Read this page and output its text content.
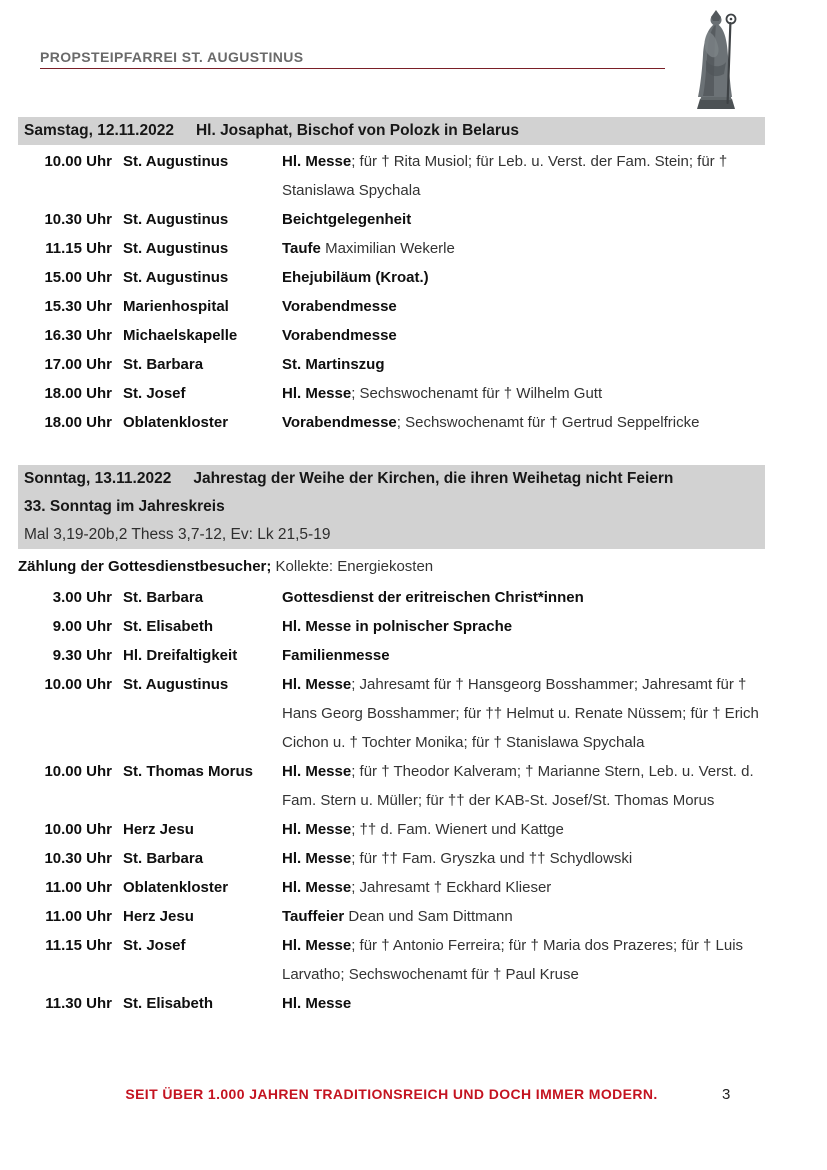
PROPSTEIPFARREI ST. AUGUSTINUS
Samstag, 12.11.2022 Hl. Josaphat, Bischof von Polozk in Belarus
10.00 Uhr St. Augustinus	Hl. Messe; für † Rita Musiol; für Leb. u. Verst. der Fam. Stein; für † Stanislawa Spychala
10.30 Uhr St. Augustinus	Beichtgelegenheit
11.15 Uhr St. Augustinus	Taufe Maximilian Wekerle
15.00 Uhr St. Augustinus	Ehejubiläum (Kroat.)
15.30 Uhr Marienhospital	Vorabendmesse
16.30 Uhr Michaelskapelle	Vorabendmesse
17.00 Uhr St. Barbara	St. Martinszug
18.00 Uhr St. Josef	Hl. Messe; Sechswochenamt für † Wilhelm Gutt
18.00 Uhr Oblatenkloster	Vorabendmesse; Sechswochenamt für † Gertrud Seppelfricke
Sonntag, 13.11.2022 Jahrestag der Weihe der Kirchen, die ihren Weihetag nicht Feiern
33. Sonntag im Jahreskreis
Mal 3,19-20b,2 Thess 3,7-12, Ev: Lk 21,5-19
Zählung der Gottesdienstbesucher; Kollekte: Energiekosten
3.00 Uhr St. Barbara	Gottesdienst der eritreischen Christ*innen
9.00 Uhr St. Elisabeth	Hl. Messe in polnischer Sprache
9.30 Uhr Hl. Dreifaltigkeit	Familienmesse
10.00 Uhr St. Augustinus	Hl. Messe; Jahresamt für † Hansgeorg Bosshammer; Jahresamt für † Hans Georg Bosshammer; für †† Helmut u. Renate Nüssem; für † Erich Cichon u. † Tochter Monika; für † Stanislawa Spychala
10.00 Uhr St. Thomas Morus	Hl. Messe; für † Theodor Kalveram; † Marianne Stern, Leb. u. Verst. d. Fam. Stern u. Müller; für †† der KAB-St. Josef/St. Thomas Morus
10.00 Uhr Herz Jesu	Hl. Messe; †† d. Fam. Wienert und Kattge
10.30 Uhr St. Barbara	Hl. Messe; für †† Fam. Gryszka und †† Schydlowski
11.00 Uhr Oblatenkloster	Hl. Messe; Jahresamt † Eckhard Klieser
11.00 Uhr Herz Jesu	Tauffeier Dean und Sam Dittmann
11.15 Uhr St. Josef	Hl. Messe; für † Antonio Ferreira; für † Maria dos Prazeres; für † Luis Larvatho; Sechswochenamt für † Paul Kruse
11.30 Uhr St. Elisabeth	Hl. Messe
SEIT ÜBER 1.000 JAHREN TRADITIONSREICH UND DOCH IMMER MODERN.	3
